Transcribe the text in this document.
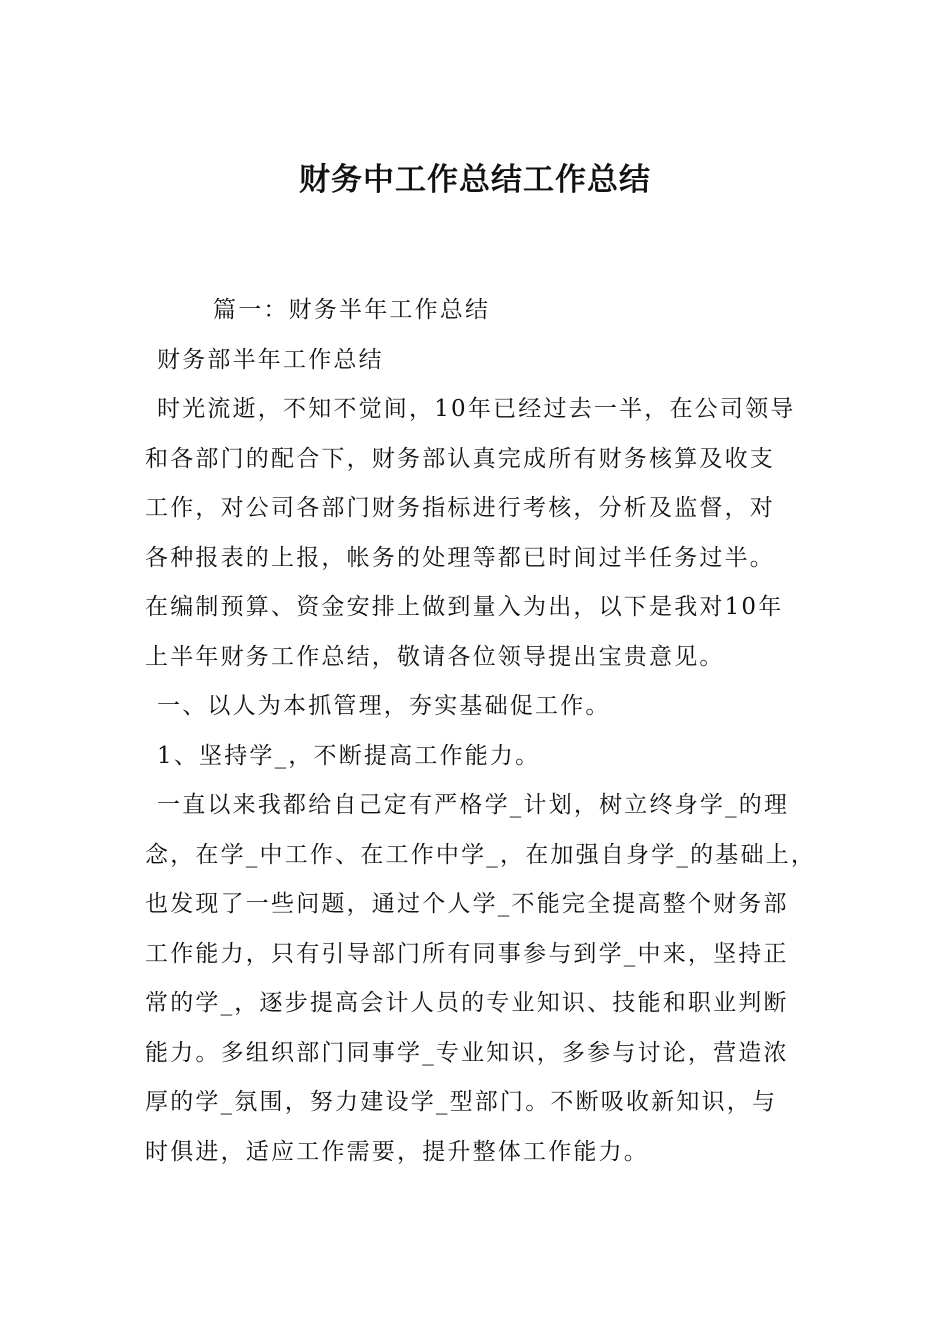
财务中工作总结工作总结
篇一：财务半年工作总结
财务部半年工作总结
时光流逝，不知不觉间，10年已经过去一半，在公司领导
和各部门的配合下，财务部认真完成所有财务核算及收支
工作，对公司各部门财务指标进行考核，分析及监督，对
各种报表的上报，帐务的处理等都已时间过半任务过半。
在编制预算、资金安排上做到量入为出，以下是我对10年
上半年财务工作总结，敬请各位领导提出宝贵意见。
一、以人为本抓管理，夯实基础促工作。
1、坚持学_，不断提高工作能力。
一直以来我都给自己定有严格学_计划，树立终身学_的理
念，在学_中工作、在工作中学_，在加强自身学_的基础上，
也发现了一些问题，通过个人学_不能完全提高整个财务部
工作能力，只有引导部门所有同事参与到学_中来，坚持正
常的学_，逐步提高会计人员的专业知识、技能和职业判断
能力。多组织部门同事学_专业知识，多参与讨论，营造浓
厚的学_氛围，努力建设学_型部门。不断吸收新知识，与
时俱进，适应工作需要，提升整体工作能力。
